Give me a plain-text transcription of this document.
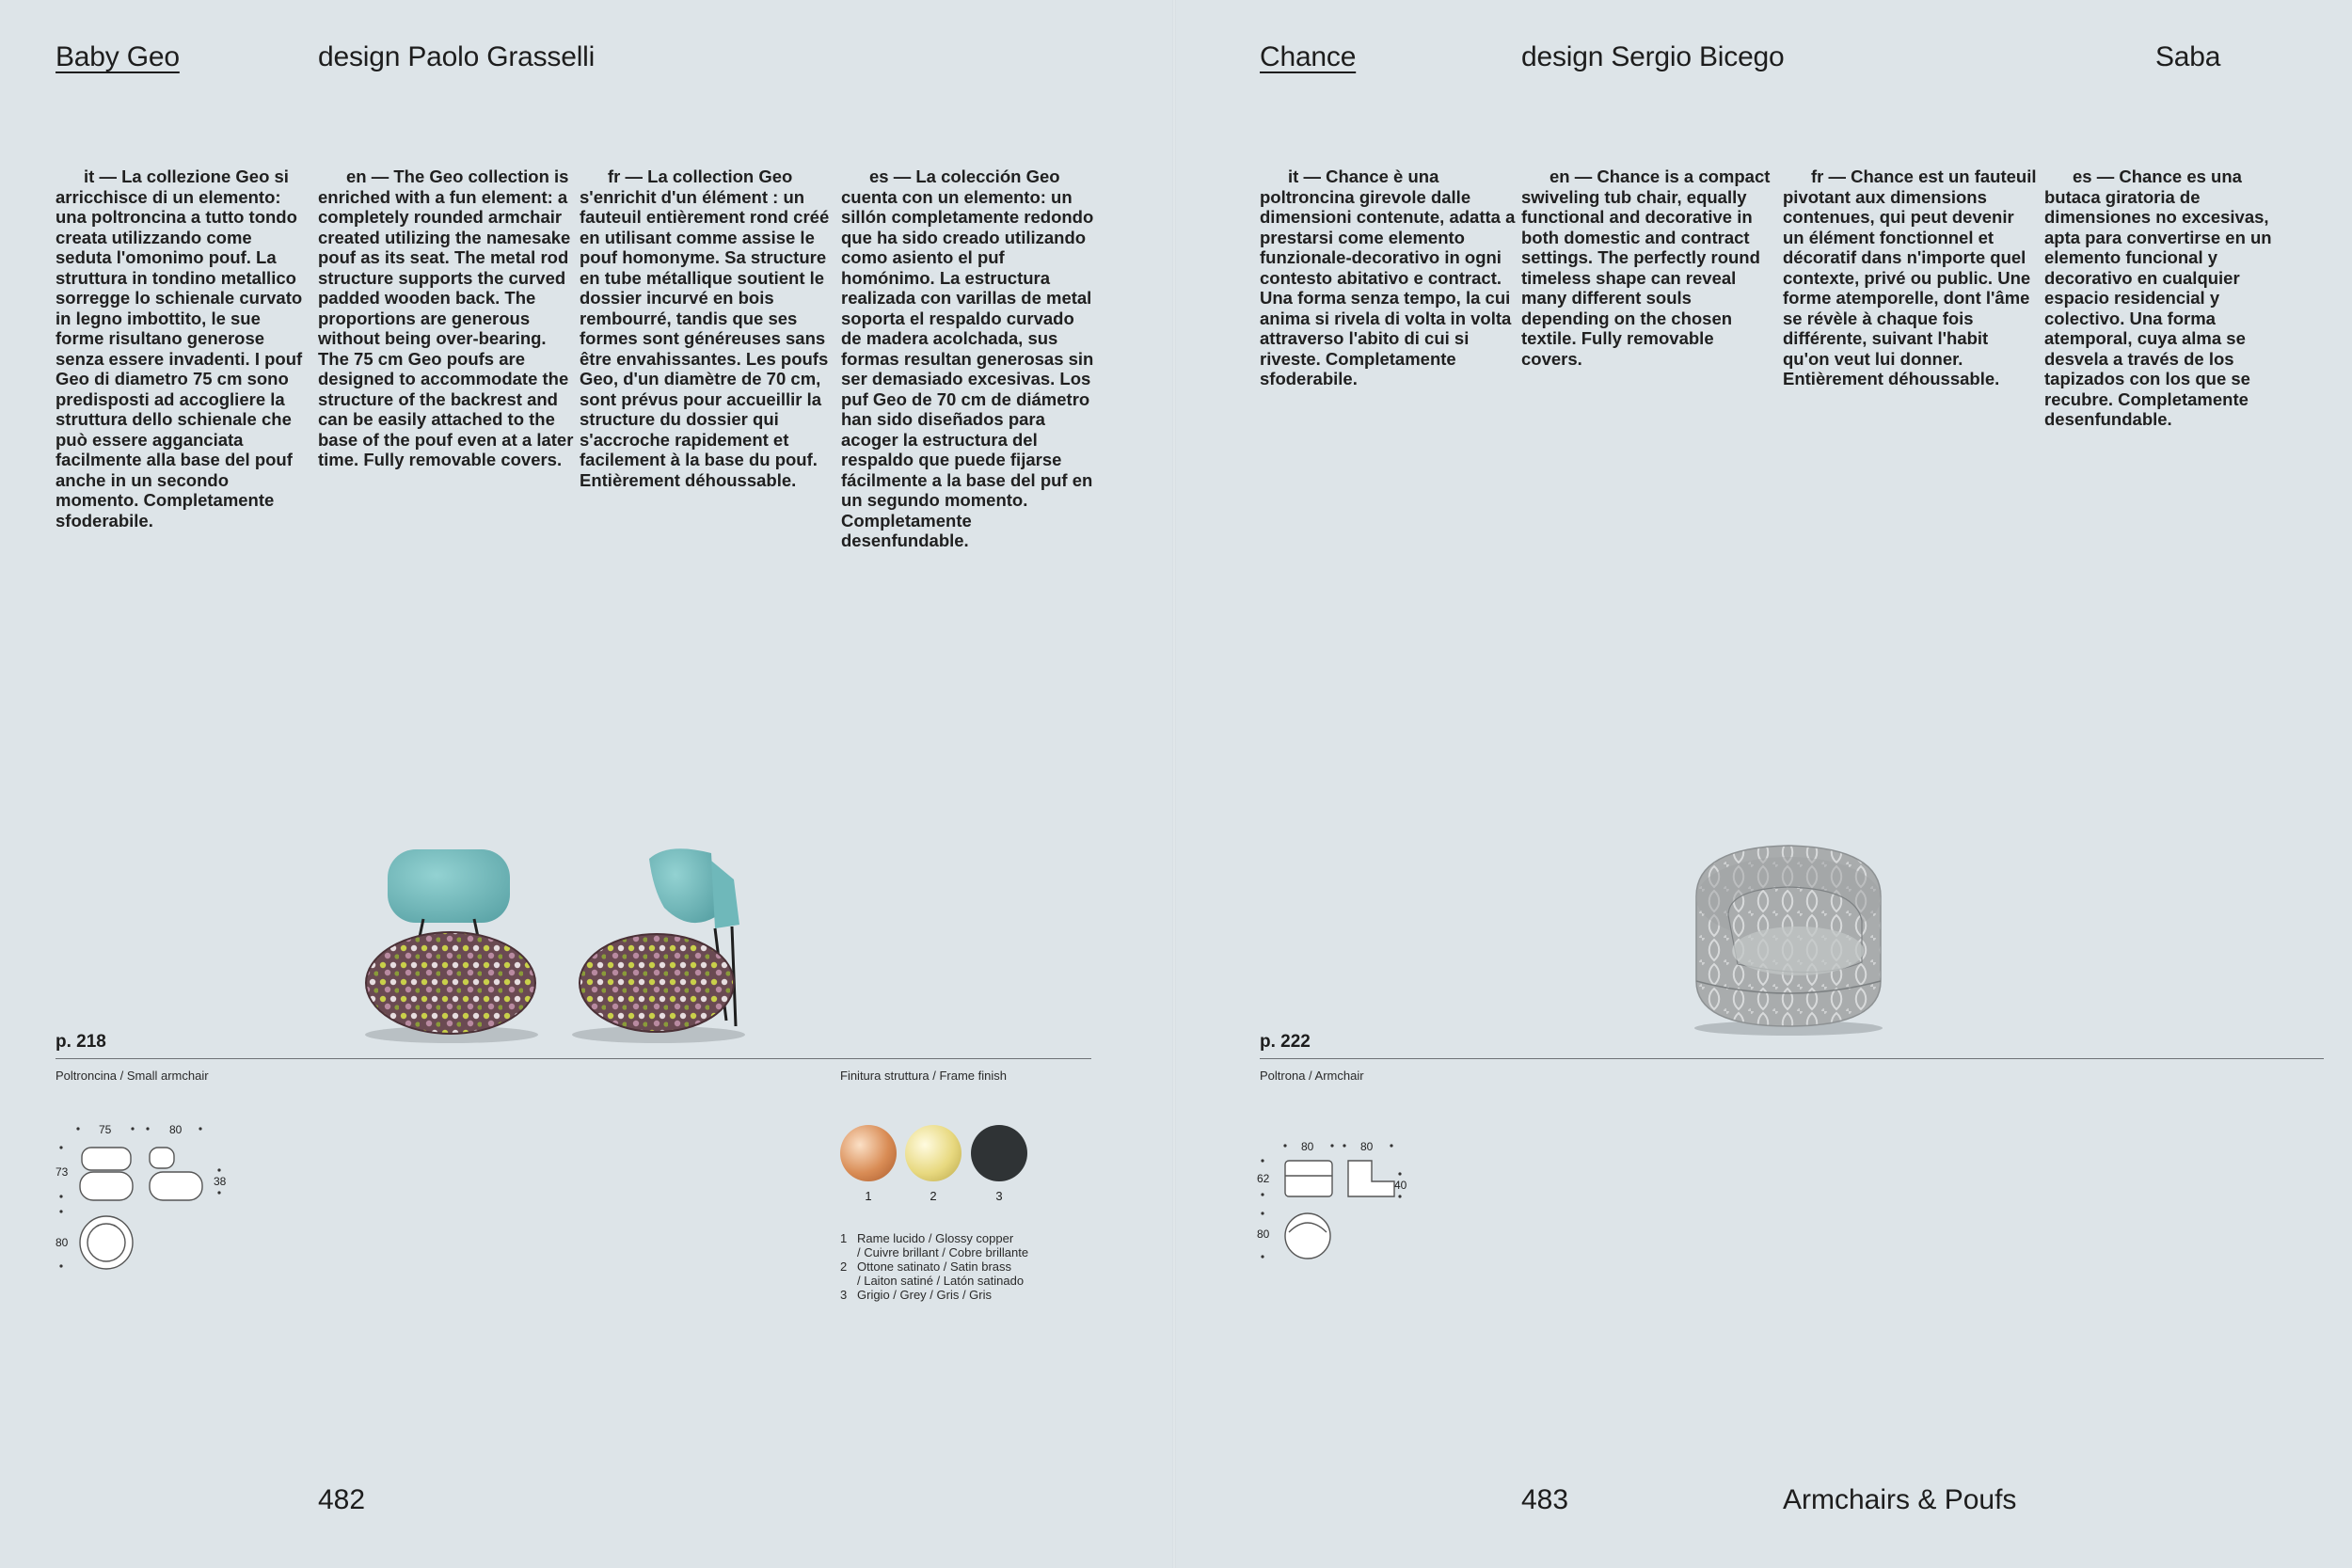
Baby Geo	design Paolo Grasselli

it — La collezione Geo si arricchisce di un elemento: una poltroncina a tutto tondo creata utilizzando come seduta l'omonimo pouf. La struttura in tondino metallico sorregge lo schienale curvato in legno imbottito, le sue forme risultano generose senza essere invadenti. I pouf Geo di diametro 75 cm sono predisposti ad accogliere la struttura dello schienale che può essere agganciata facilmente alla base del pouf anche in un secondo momento. Completamente sfoderabile.

en — The Geo collection is enriched with a fun element: a completely rounded armchair created utilizing the namesake pouf as its seat. The metal rod structure supports the curved padded wooden back. The proportions are generous without being over-bearing. The 75 cm Geo poufs are designed to accommodate the structure of the backrest and can be easily attached to the base of the pouf even at a later time. Fully removable covers.

fr — La collection Geo s'enrichit d'un élément : un fauteuil entièrement rond créé en utilisant comme assise le pouf homonyme. Sa structure en tube métallique soutient le dossier incurvé en bois rembourré, tandis que ses formes sont généreuses sans être envahissantes. Les poufs Geo, d'un diamètre de 70 cm, sont prévus pour accueillir la structure du dossier qui s'accroche rapidement et facilement à la base du pouf. Entièrement déhoussable.

es — La colección Geo cuenta con un elemento: un sillón completamente redondo que ha sido creado utilizando como asiento el puf homónimo. La estructura realizada con varillas de metal soporta el respaldo curvado de madera acolchada, sus formas resultan generosas sin ser demasiado excesivas. Los puf Geo de 70 cm de diámetro han sido diseñados para acoger la estructura del respaldo que puede fijarse fácilmente a la base del puf en un segundo momento. Completamente desenfundable.

p. 218
Poltroncina / Small armchair	Finitura struttura / Frame finish
75	80
73
38
80
1	2	3
1 Rame lucido / Glossy copper
/ Cuivre brillant / Cobre brillante
2 Ottone satinato / Satin brass
/ Laiton satiné / Latón satinado
3 Grigio / Grey / Gris / Gris
482
Chance	design Sergio Bicego	Saba

it — Chance è una poltroncina girevole dalle dimensioni contenute, adatta a prestarsi come elemento funzionale-decorativo in ogni contesto abitativo e contract. Una forma senza tempo, la cui anima si rivela di volta in volta attraverso l'abito di cui si riveste. Completamente sfoderabile.

en — Chance is a compact swiveling tub chair, equally functional and decorative in both domestic and contract settings. The perfectly round timeless shape can reveal many different souls depending on the chosen textile. Fully removable covers.

fr — Chance est un fauteuil pivotant aux dimensions contenues, qui peut devenir un élément fonctionnel et décoratif dans n'importe quel contexte, privé ou public. Une forme atemporelle, dont l'âme se révèle à chaque fois différente, suivant l'habit qu'on veut lui donner. Entièrement déhoussable.

es — Chance es una butaca giratoria de dimensiones no excesivas, apta para convertirse en un elemento funcional y decorativo en cualquier espacio residencial y colectivo. Una forma atemporal, cuya alma se desvela a través de los tapizados con los que se recubre. Completamente desenfundable.

p. 222
Poltrona / Armchair
80	80
62	40
80
483	Armchairs & Poufs
